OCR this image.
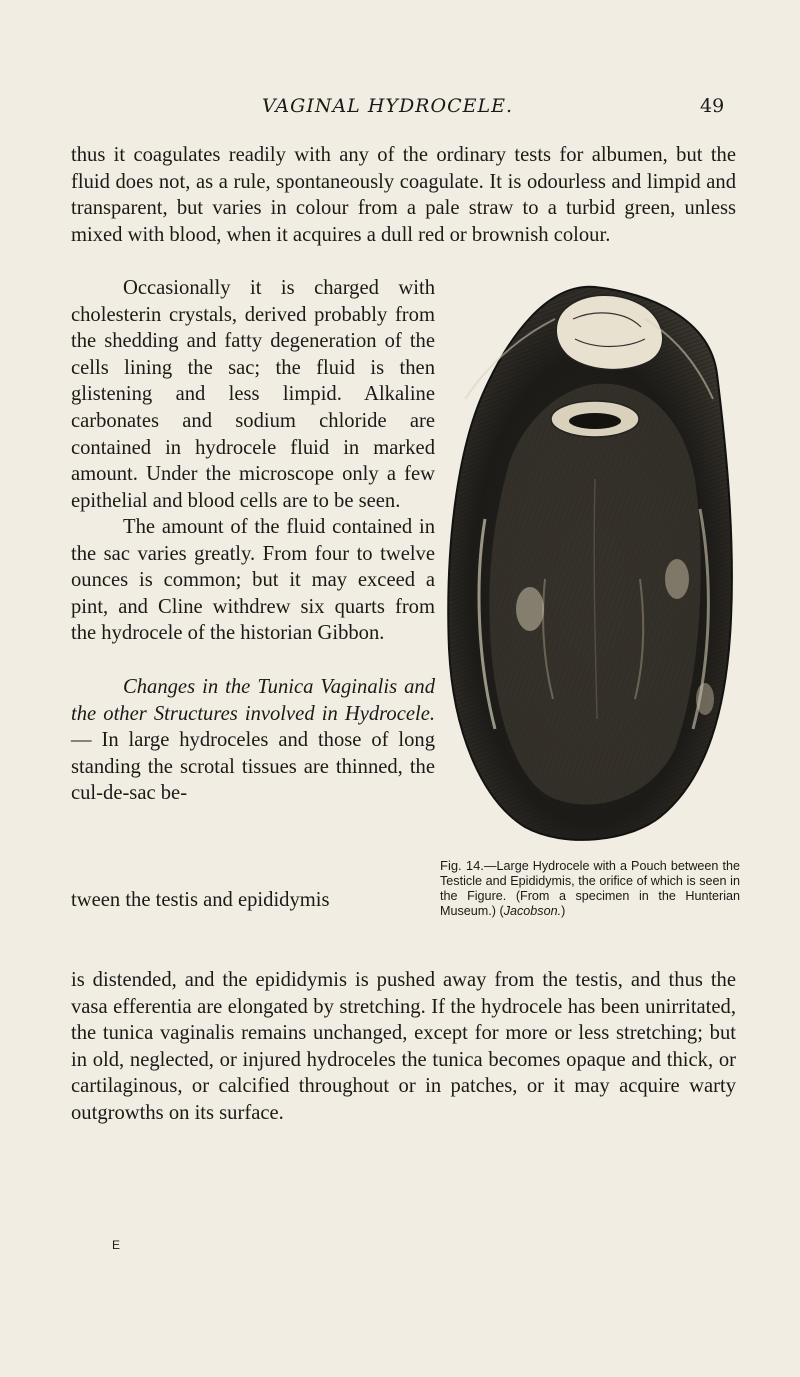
VAGINAL HYDROCELE.	49

thus it coagulates readily with any of the ordinary tests for albumen, but the fluid does not, as a rule, spontaneously coagulate. It is odourless and limpid and transparent, but varies in colour from a pale straw to a turbid green, unless mixed with blood, when it acquires a dull red or brownish colour.

Occasionally it is charged with cholesterin crystals, derived probably from the shedding and fatty degeneration of the cells lining the sac; the fluid is then glistening and less limpid. Alkaline carbonates and sodium chloride are contained in hydrocele fluid in marked amount. Under the microscope only a few epithelial and blood cells are to be seen.

The amount of the fluid contained in the sac varies greatly. From four to twelve ounces is common; but it may exceed a pint, and Cline withdrew six quarts from the hydrocele of the historian Gibbon.

Changes in the Tunica Vaginalis and the other Structures involved in Hydrocele.— In large hydroceles and those of long standing the scrotal tissues are thinned, the cul-de-sac be-

tween the testis and epididymis

is distended, and the epididymis is pushed away from the testis, and thus the vasa efferentia are elongated by stretching. If the hydrocele has been unirritated, the tunica vaginalis remains unchanged, except for more or less stretching; but in old, neglected, or injured hydroceles the tunica becomes opaque and thick, or cartilaginous, or calcified throughout or in patches, or it may acquire warty outgrowths on its surface.

Fig. 14.—Large Hydrocele with a Pouch between the Testicle and Epididymis, the orifice of which is seen in the Figure. (From a specimen in the Hunterian Museum.) (Jacobson.)
E
